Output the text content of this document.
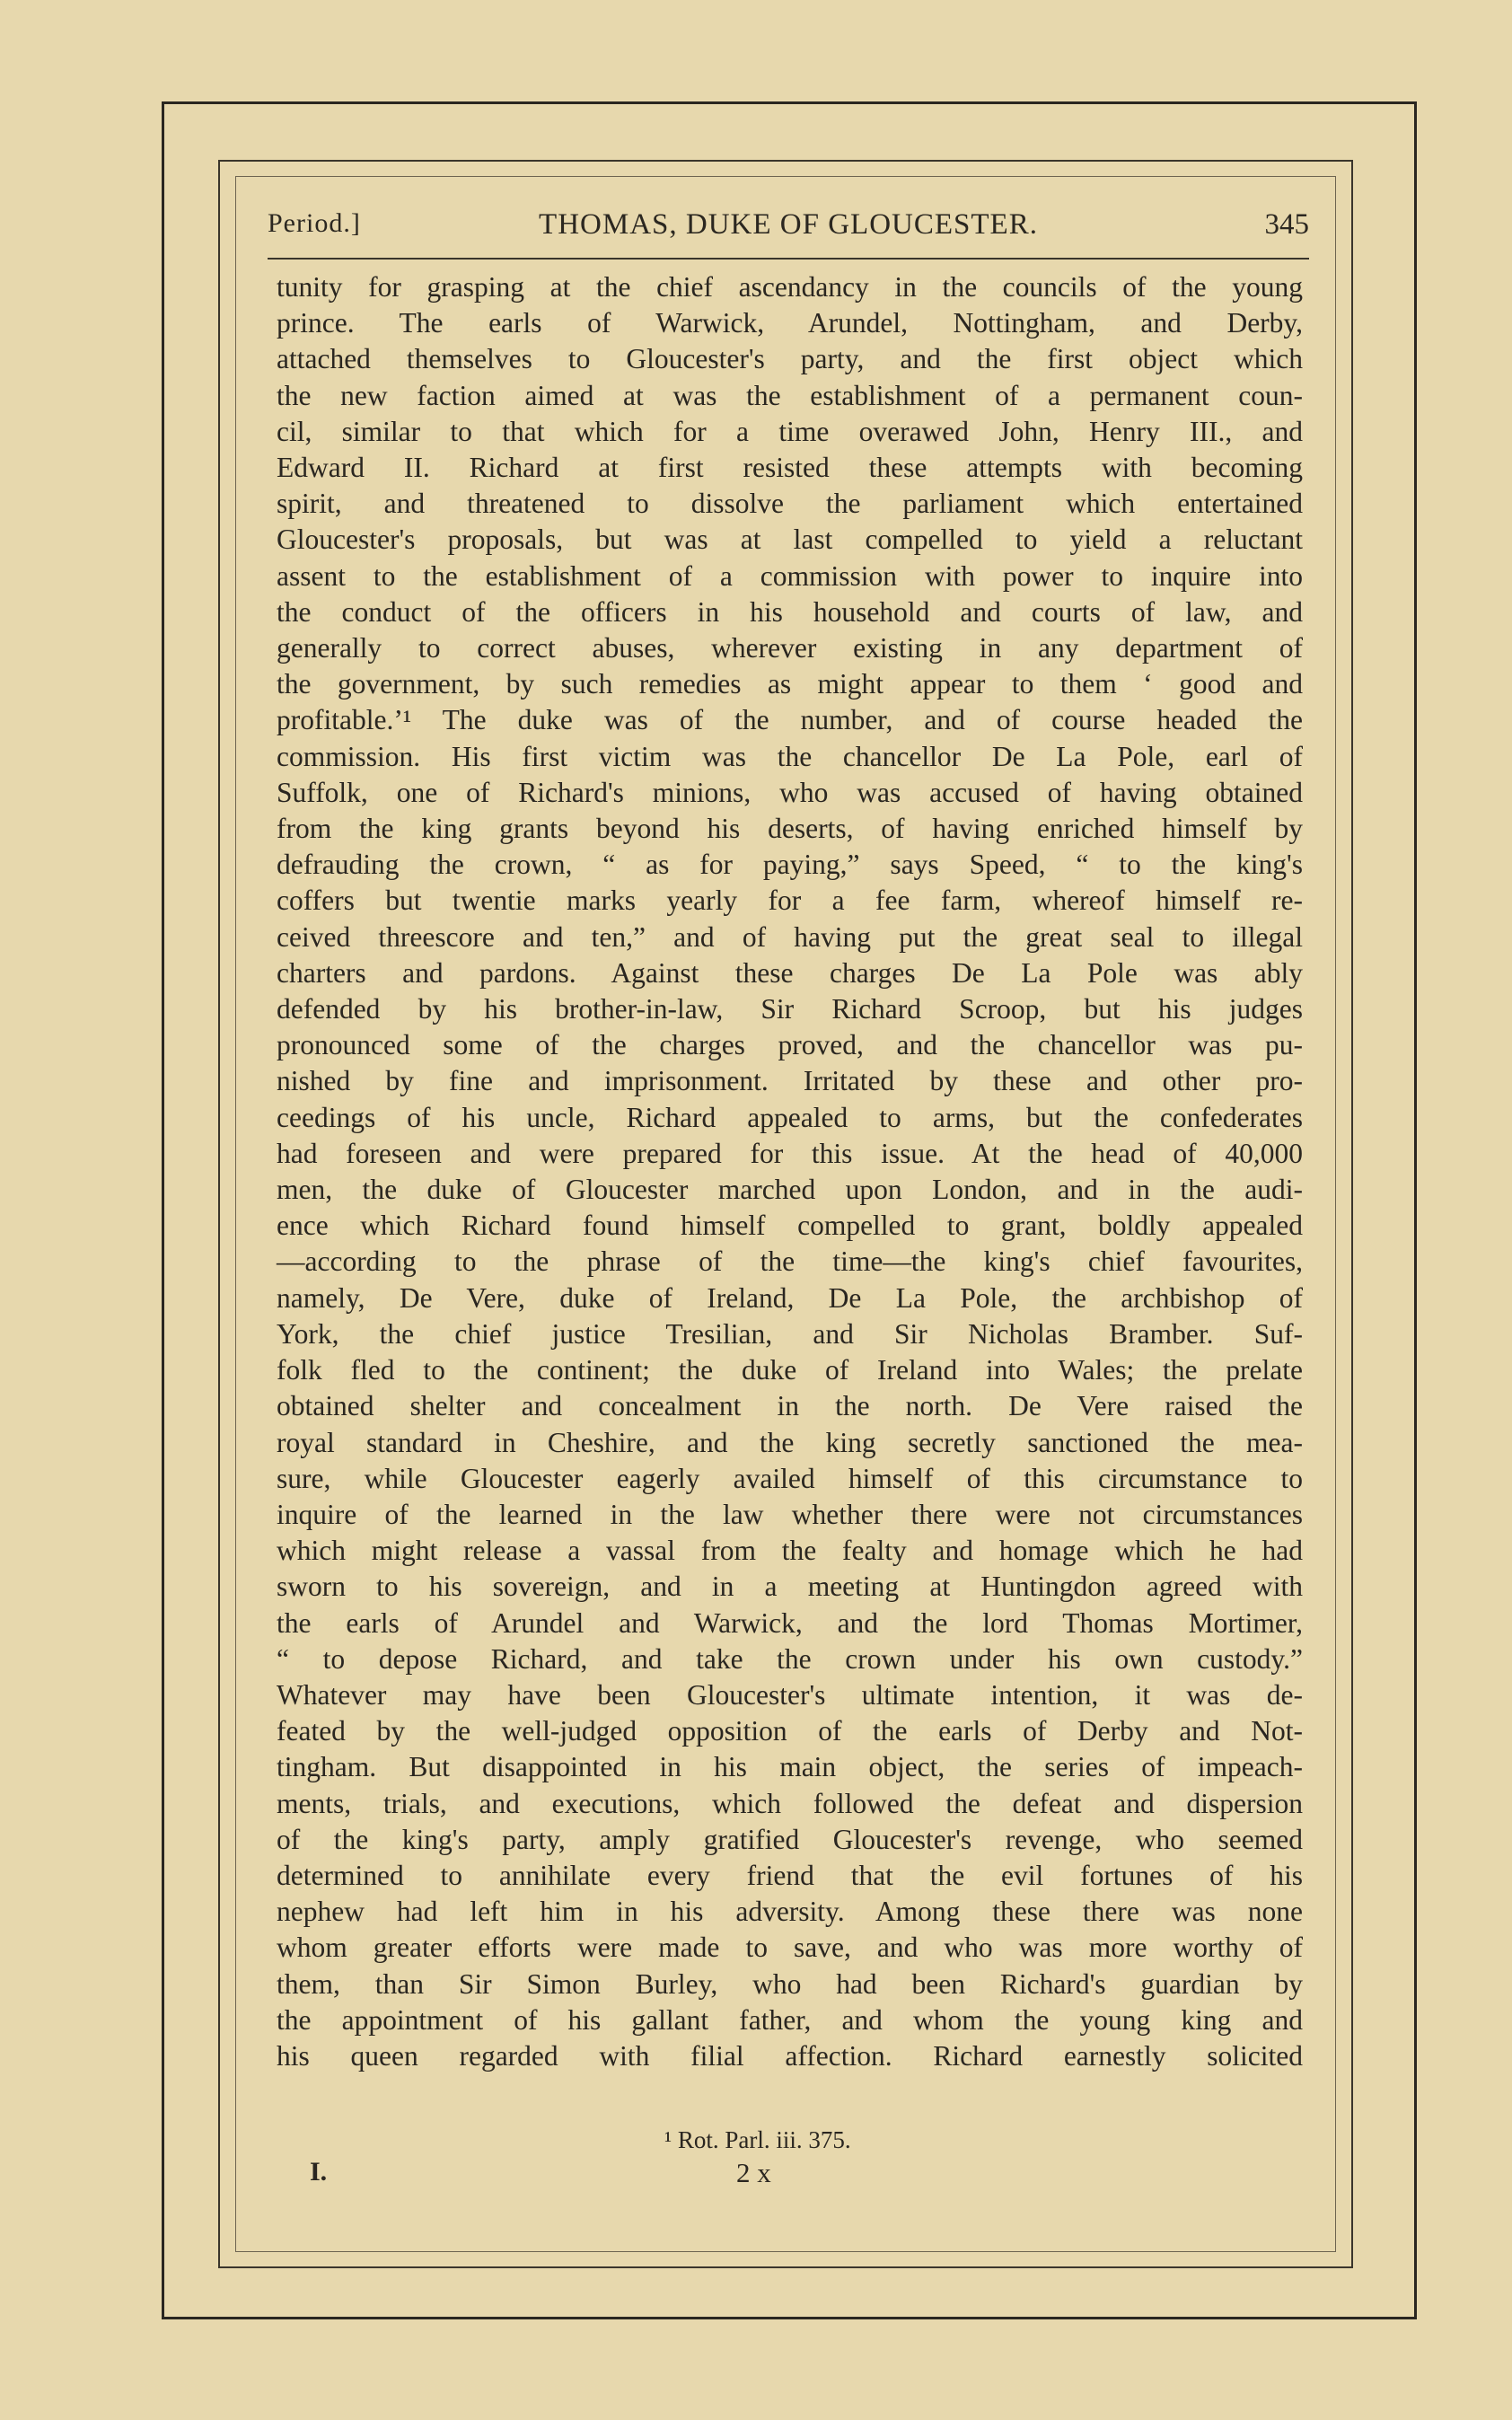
Period.]	THOMAS, DUKE OF GLOUCESTER.	345
tunity for grasping at the chief ascendancy in the councils of the young
prince. The earls of Warwick, Arundel, Nottingham, and Derby,
attached themselves to Gloucester's party, and the first object which
the new faction aimed at was the establishment of a permanent coun-
cil, similar to that which for a time overawed John, Henry III., and
Edward II. Richard at first resisted these attempts with becoming
spirit, and threatened to dissolve the parliament which entertained
Gloucester's proposals, but was at last compelled to yield a reluctant
assent to the establishment of a commission with power to inquire into
the conduct of the officers in his household and courts of law, and
generally to correct abuses, wherever existing in any department of
the government, by such remedies as might appear to them ‘ good and
profitable.’¹ The duke was of the number, and of course headed the
commission. His first victim was the chancellor De La Pole, earl of
Suffolk, one of Richard's minions, who was accused of having obtained
from the king grants beyond his deserts, of having enriched himself by
defrauding the crown, “ as for paying,” says Speed, “ to the king's
coffers but twentie marks yearly for a fee farm, whereof himself re-
ceived threescore and ten,” and of having put the great seal to illegal
charters and pardons. Against these charges De La Pole was ably
defended by his brother-in-law, Sir Richard Scroop, but his judges
pronounced some of the charges proved, and the chancellor was pu-
nished by fine and imprisonment. Irritated by these and other pro-
ceedings of his uncle, Richard appealed to arms, but the confederates
had foreseen and were prepared for this issue. At the head of 40,000
men, the duke of Gloucester marched upon London, and in the audi-
ence which Richard found himself compelled to grant, boldly appealed
—according to the phrase of the time—the king's chief favourites,
namely, De Vere, duke of Ireland, De La Pole, the archbishop of
York, the chief justice Tresilian, and Sir Nicholas Bramber. Suf-
folk fled to the continent; the duke of Ireland into Wales; the prelate
obtained shelter and concealment in the north. De Vere raised the
royal standard in Cheshire, and the king secretly sanctioned the mea-
sure, while Gloucester eagerly availed himself of this circumstance to
inquire of the learned in the law whether there were not circumstances
which might release a vassal from the fealty and homage which he had
sworn to his sovereign, and in a meeting at Huntingdon agreed with
the earls of Arundel and Warwick, and the lord Thomas Mortimer,
“ to depose Richard, and take the crown under his own custody.”
Whatever may have been Gloucester's ultimate intention, it was de-
feated by the well-judged opposition of the earls of Derby and Not-
tingham. But disappointed in his main object, the series of impeach-
ments, trials, and executions, which followed the defeat and dispersion
of the king's party, amply gratified Gloucester's revenge, who seemed
determined to annihilate every friend that the evil fortunes of his
nephew had left him in his adversity. Among these there was none
whom greater efforts were made to save, and who was more worthy of
them, than Sir Simon Burley, who had been Richard's guardian by
the appointment of his gallant father, and whom the young king and
his queen regarded with filial affection. Richard earnestly solicited
¹ Rot. Parl. iii. 375.
I.	2 x
